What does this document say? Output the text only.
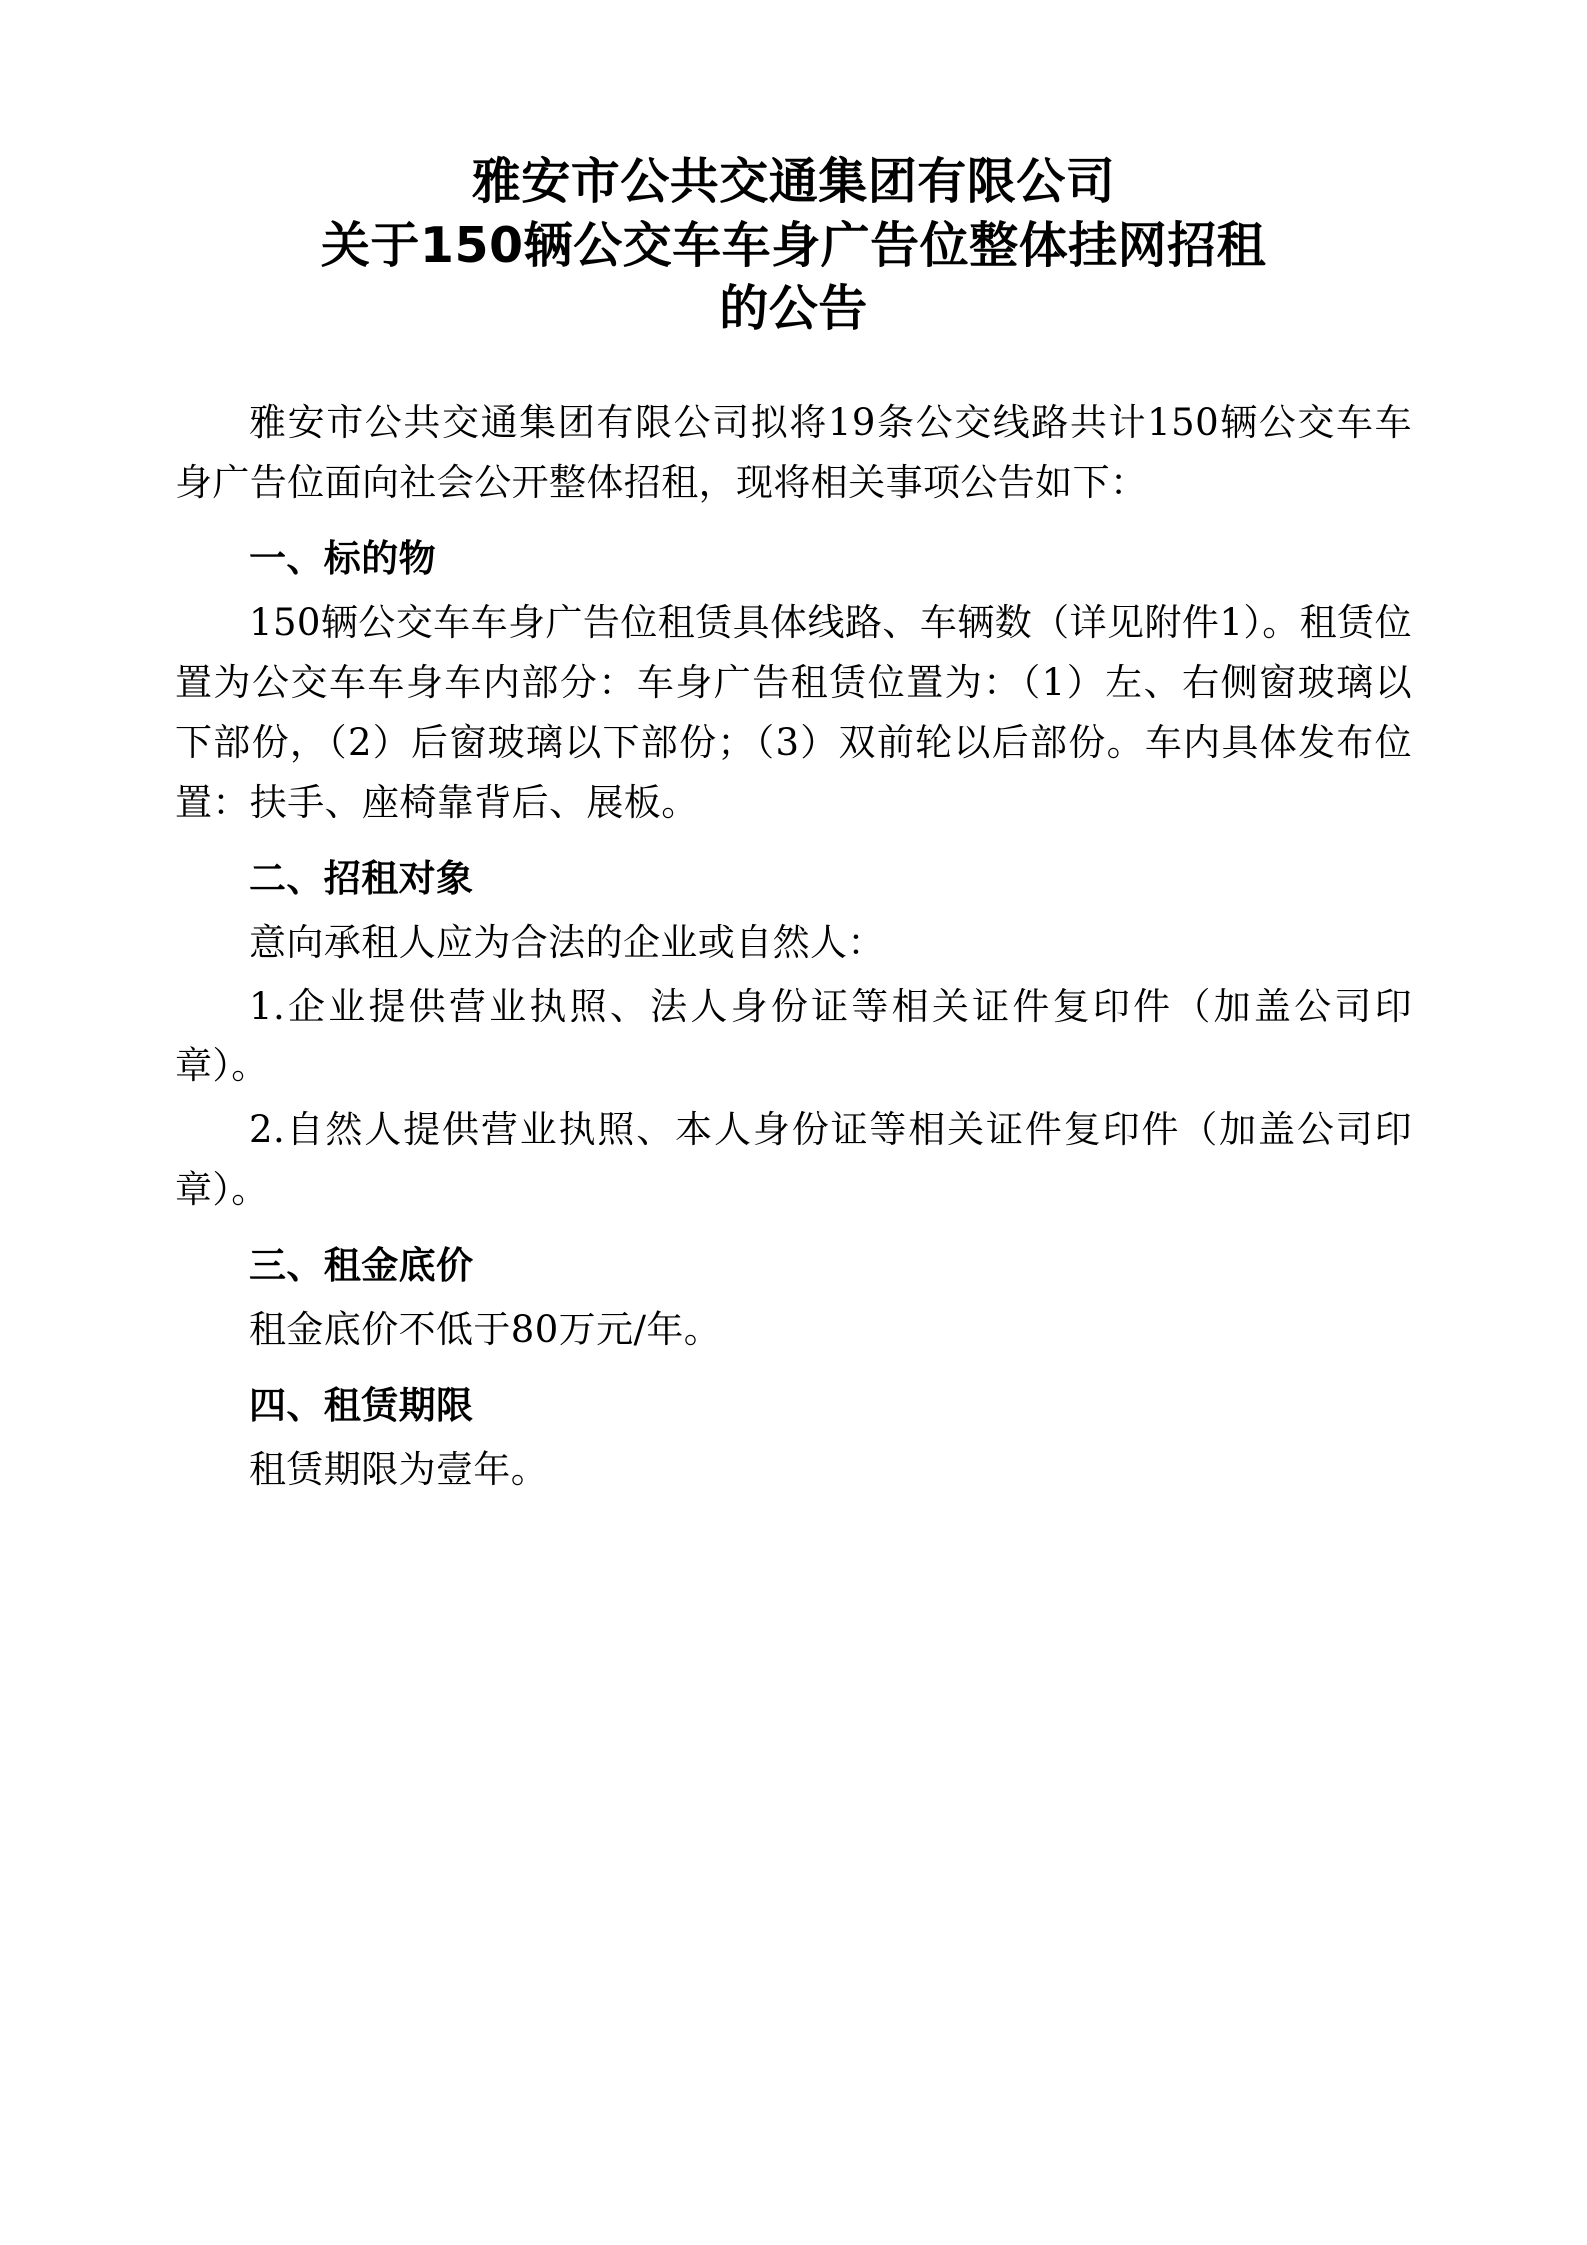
雅安市公共交通集团有限公司
关于150辆公交车车身广告位整体挂网招租
的公告

雅安市公共交通集团有限公司拟将19条公交线路共计150辆公交车车身广告位面向社会公开整体招租，现将相关事项公告如下：

一、标的物

150辆公交车车身广告位租赁具体线路、车辆数（详见附件1）。租赁位置为公交车车身车内部分：车身广告租赁位置为：（1）左、右侧窗玻璃以下部份，（2）后窗玻璃以下部份；（3）双前轮以后部份。车内具体发布位置：扶手、座椅靠背后、展板。

二、招租对象

意向承租人应为合法的企业或自然人：

1.企业提供营业执照、法人身份证等相关证件复印件（加盖公司印章）。

2.自然人提供营业执照、本人身份证等相关证件复印件（加盖公司印章）。

三、租金底价

租金底价不低于80万元/年。

四、租赁期限

租赁期限为壹年。
